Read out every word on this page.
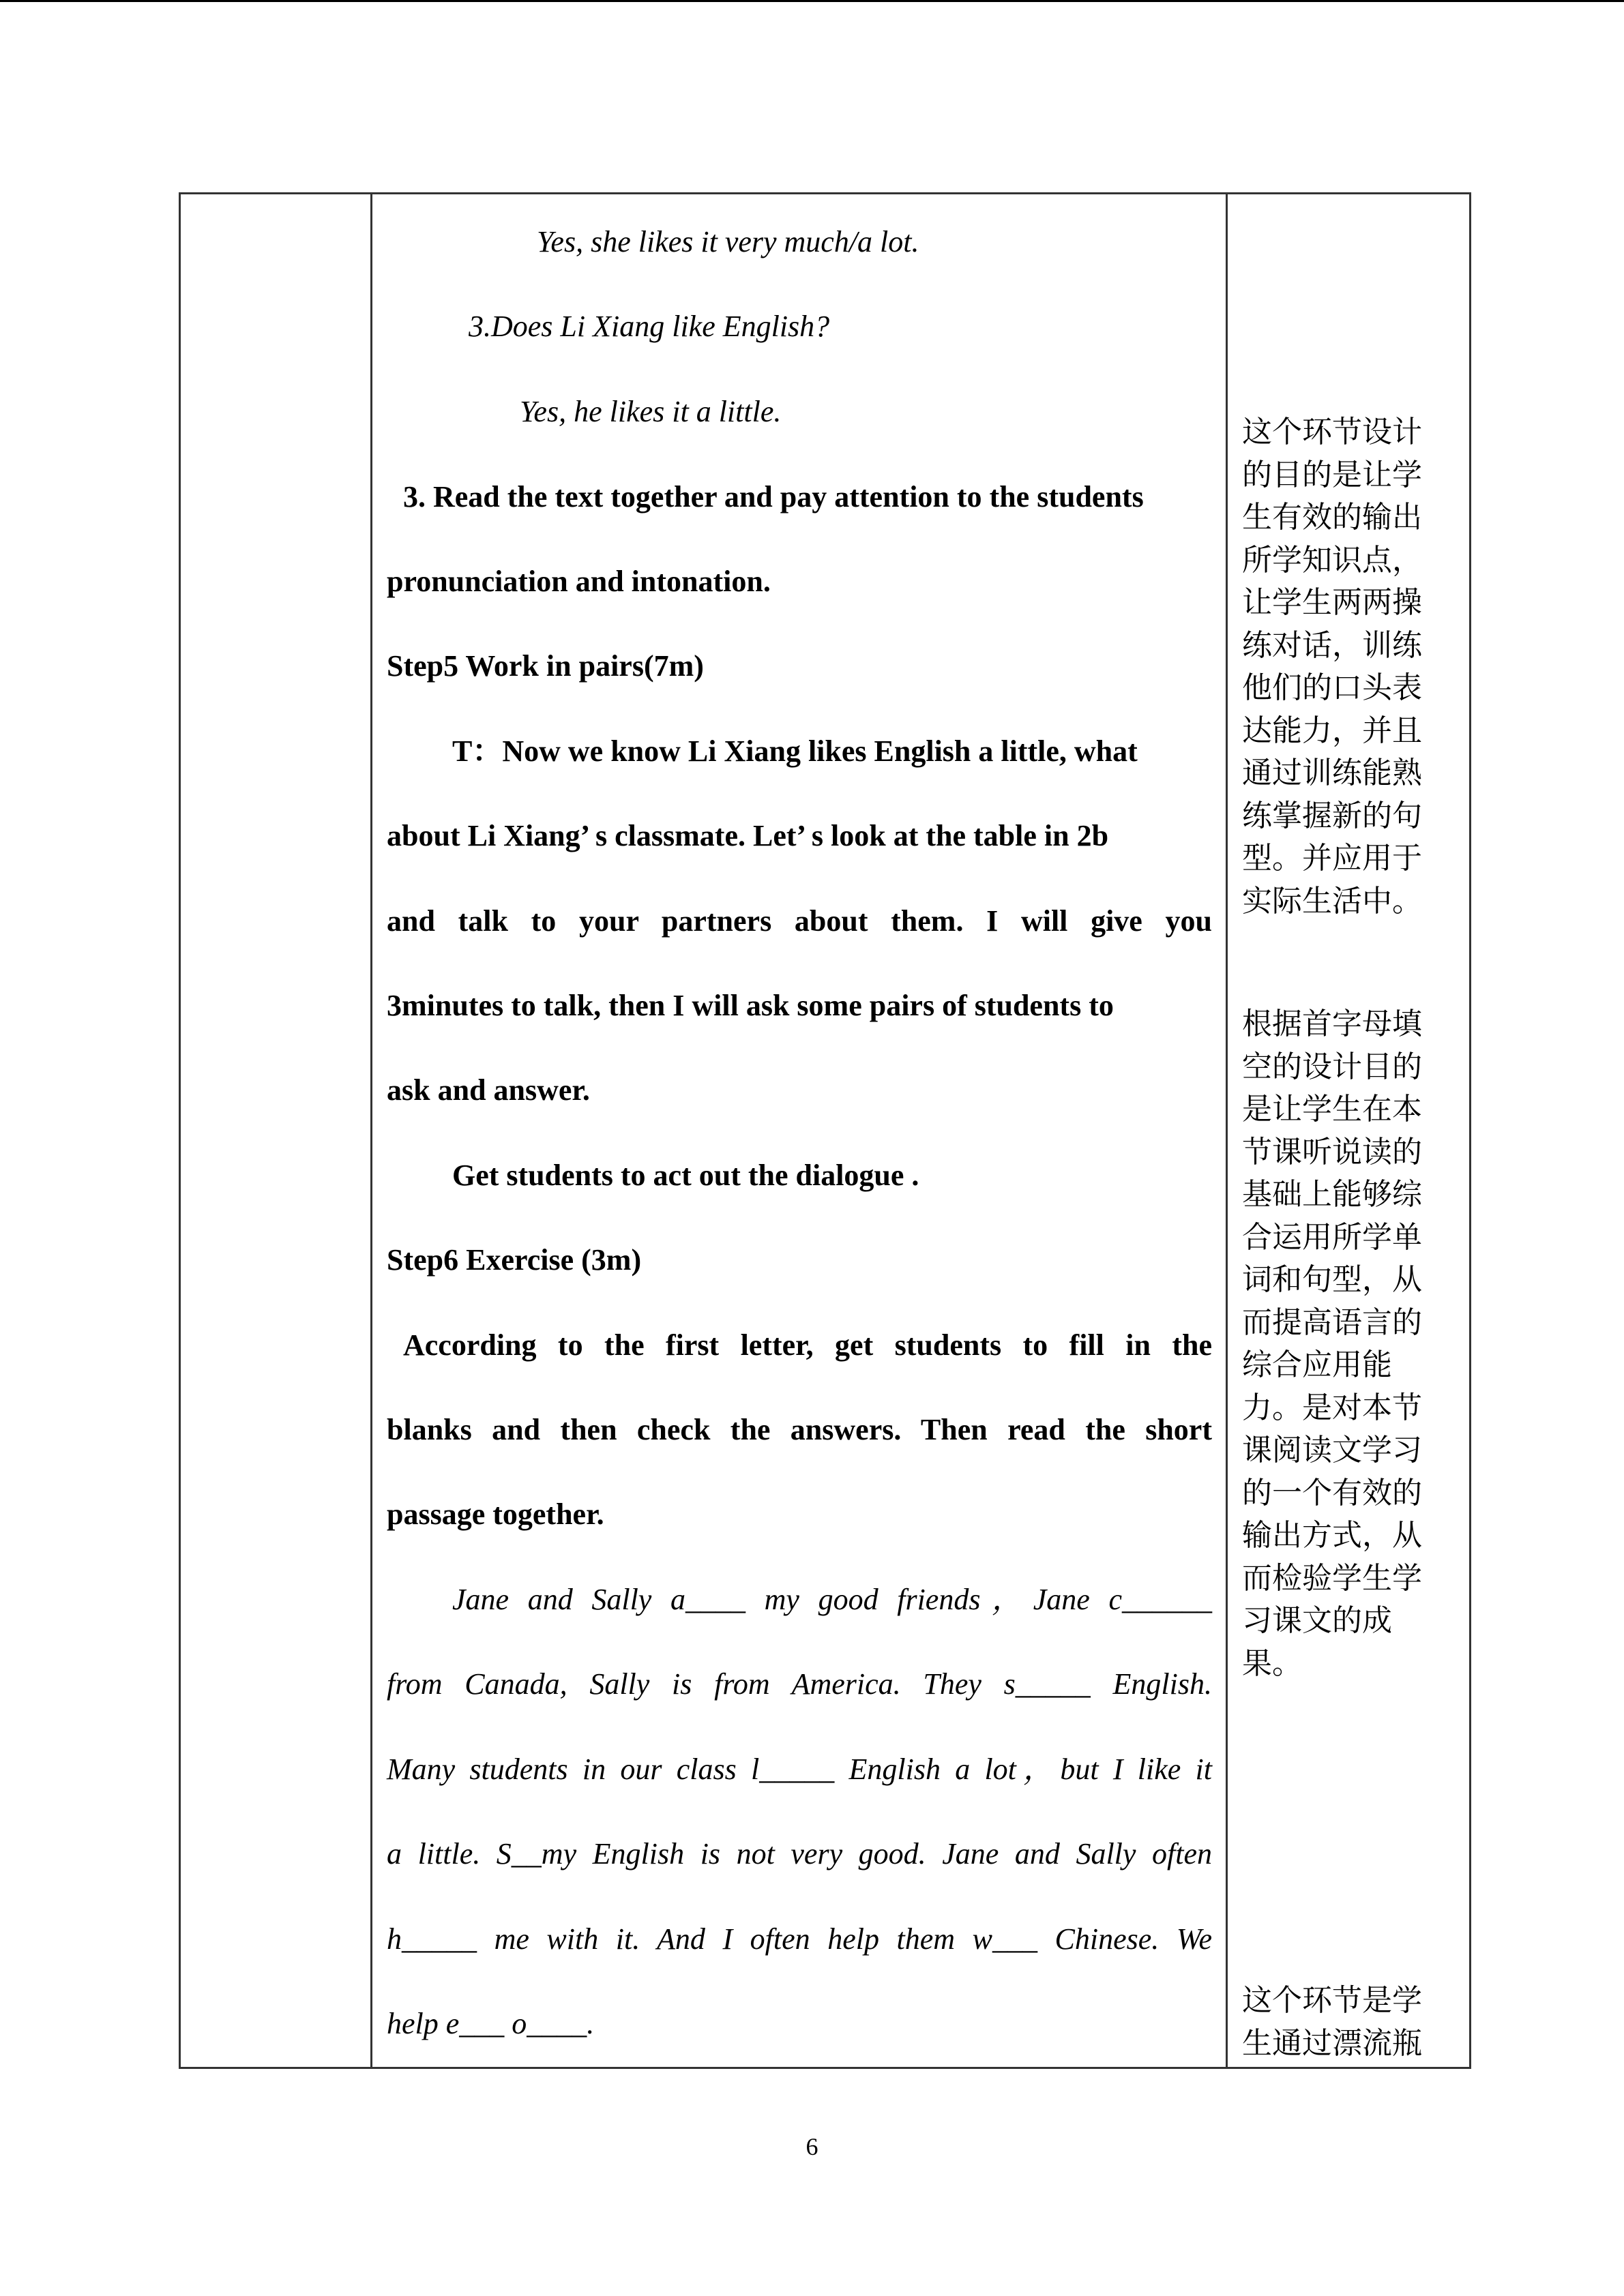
Yes, she likes it very much/a lot.
3.Does Li Xiang like English?
Yes, he likes it a little.
3. Read the text together and pay attention to the students
pronunciation and intonation.
Step5 Work in pairs(7m)
T：Now we know Li Xiang likes English a little, what
about Li Xiang’ s classmate. Let’ s look at the table in 2b
and talk to your partners about them. I will give you
3minutes to talk, then I will ask some pairs of students to
ask and answer.
Get students to act out the dialogue .
Step6 Exercise (3m)
According to the first letter, get students to fill in the
blanks and then check the answers. Then read the short
passage together.
Jane and Sally a____ my good friends，Jane c______
from Canada, Sally is from America. They s_____ English.
Many students in our class l_____ English a lot，but I like it
a little. S__my English is not very good. Jane and Sally often
h_____ me with it. And I often help them w___ Chinese. We
help e___ o____.
这个环节设计的目的是让学生有效的输出所学知识点，让学生两两操练对话，训练他们的口头表达能力，并且通过训练能熟练掌握新的句型。并应用于实际生活中。
根据首字母填空的设计目的是让学生在本节课听说读的基础上能够综合运用所学单词和句型，从而提高语言的综合应用能力。是对本节课阅读文学习的一个有效的输出方式，从而检验学生学习课文的成果。
这个环节是学生通过漂流瓶
6
